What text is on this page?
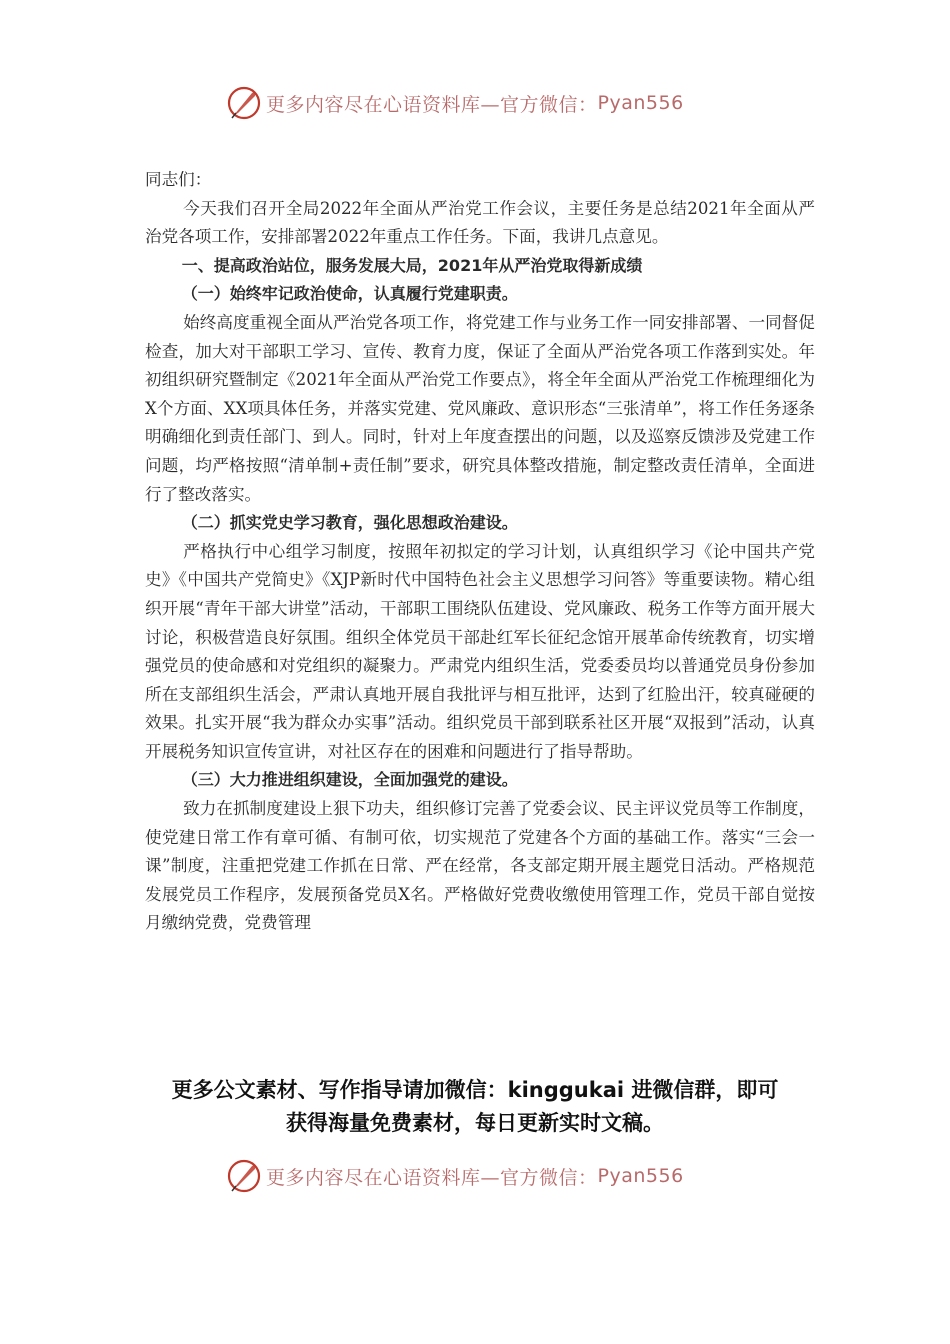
更多内容尽在心语资料库—官方微信： Pyan556

同志们：

今天我们召开全局2022年全面从严治党工作会议，主要任务是总结2021年全面从严治党各项工作，安排部署2022年重点工作任务。下面，我讲几点意见。

一、提高政治站位，服务发展大局，2021年从严治党取得新成绩

（一）始终牢记政治使命，认真履行党建职责。

始终高度重视全面从严治党各项工作，将党建工作与业务工作一同安排部署、一同督促检查，加大对干部职工学习、宣传、教育力度，保证了全面从严治党各项工作落到实处。年初组织研究暨制定《2021年全面从严治党工作要点》，将全年全面从严治党工作梳理细化为X个方面、XX项具体任务，并落实党建、党风廉政、意识形态“三张清单”，将工作任务逐条明确细化到责任部门、到人。同时，针对上年度查摆出的问题，以及巡察反馈涉及党建工作问题，均严格按照“清单制+责任制”要求，研究具体整改措施，制定整改责任清单，全面进行了整改落实。

（二）抓实党史学习教育，强化思想政治建设。

严格执行中心组学习制度，按照年初拟定的学习计划，认真组织学习《论中国共产党史》《中国共产党简史》《XJP新时代中国特色社会主义思想学习问答》等重要读物。精心组织开展“青年干部大讲堂”活动，干部职工围绕队伍建设、党风廉政、税务工作等方面开展大讨论，积极营造良好氛围。组织全体党员干部赴红军长征纪念馆开展革命传统教育，切实增强党员的使命感和对党组织的凝聚力。严肃党内组织生活，党委委员均以普通党员身份参加所在支部组织生活会，严肃认真地开展自我批评与相互批评，达到了红脸出汗，较真碰硬的效果。扎实开展“我为群众办实事”活动。组织党员干部到联系社区开展“双报到”活动，认真开展税务知识宣传宣讲，对社区存在的困难和问题进行了指导帮助。

（三）大力推进组织建设，全面加强党的建设。

致力在抓制度建设上狠下功夫，组织修订完善了党委会议、民主评议党员等工作制度，使党建日常工作有章可循、有制可依，切实规范了党建各个方面的基础工作。落实“三会一课”制度，注重把党建工作抓在日常、严在经常，各支部定期开展主题党日活动。严格规范发展党员工作程序，发展预备党员X名。严格做好党费收缴使用管理工作，党员干部自觉按月缴纳党费，党费管理

更多公文素材、写作指导请加微信：kinggukai 进微信群，即可

获得海量免费素材，每日更新实时文稿。

更多内容尽在心语资料库—官方微信： Pyan556
